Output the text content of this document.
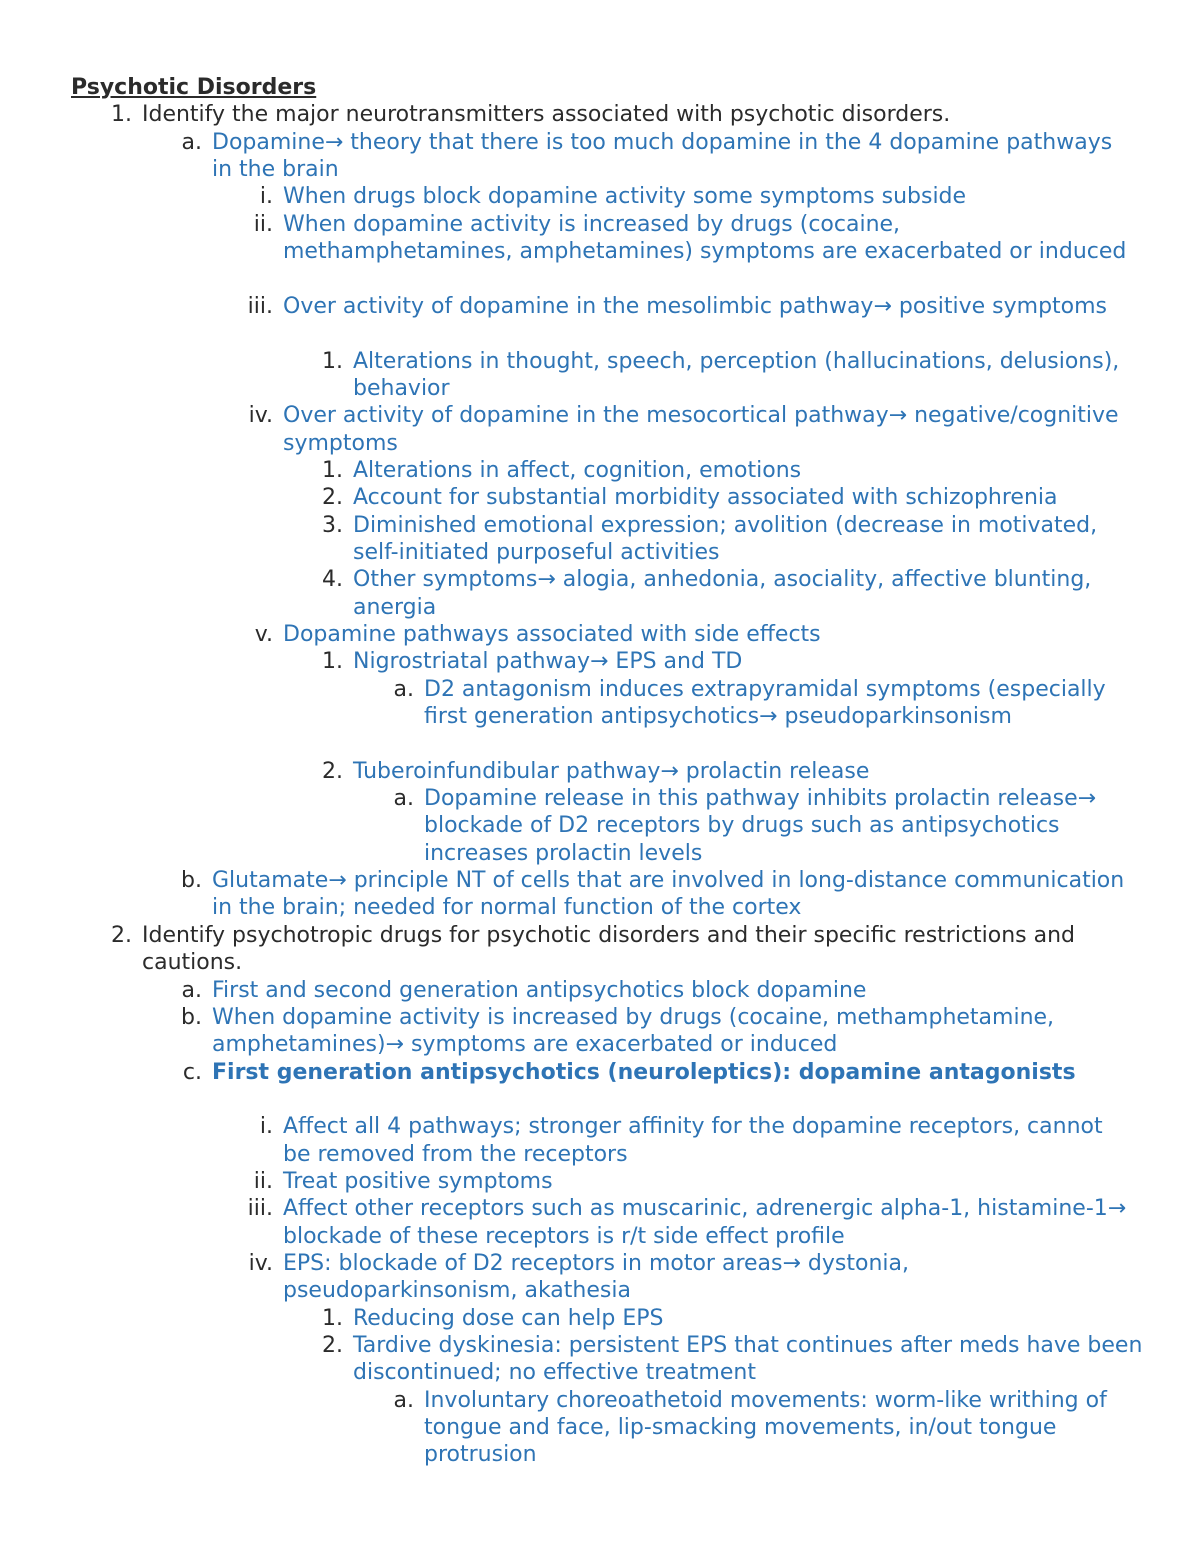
Psychotic Disorders
1. Identify the major neurotransmitters associated with psychotic disorders.
a. Dopamine→ theory that there is too much dopamine in the 4 dopamine pathways in the brain
i. When drugs block dopamine activity some symptoms subside
ii. When dopamine activity is increased by drugs (cocaine, methamphetamines, amphetamines) symptoms are exacerbated or induced
iii. Over activity of dopamine in the mesolimbic pathway→ positive symptoms
1. Alterations in thought, speech, perception (hallucinations, delusions), behavior
iv. Over activity of dopamine in the mesocortical pathway→ negative/cognitive symptoms
1. Alterations in affect, cognition, emotions
2. Account for substantial morbidity associated with schizophrenia
3. Diminished emotional expression; avolition (decrease in motivated, self-initiated purposeful activities
4. Other symptoms→ alogia, anhedonia, asociality, affective blunting, anergia
v. Dopamine pathways associated with side effects
1. Nigrostriatal pathway→ EPS and TD
a. D2 antagonism induces extrapyramidal symptoms (especially first generation antipsychotics→ pseudoparkinsonism
2. Tuberoinfundibular pathway→ prolactin release
a. Dopamine release in this pathway inhibits prolactin release→ blockade of D2 receptors by drugs such as antipsychotics increases prolactin levels
b. Glutamate→ principle NT of cells that are involved in long-distance communication in the brain; needed for normal function of the cortex
2. Identify psychotropic drugs for psychotic disorders and their specific restrictions and cautions.
a. First and second generation antipsychotics block dopamine
b. When dopamine activity is increased by drugs (cocaine, methamphetamine, amphetamines)→ symptoms are exacerbated or induced
c. First generation antipsychotics (neuroleptics): dopamine antagonists
i. Affect all 4 pathways; stronger affinity for the dopamine receptors, cannot be removed from the receptors
ii. Treat positive symptoms
iii. Affect other receptors such as muscarinic, adrenergic alpha-1, histamine-1→ blockade of these receptors is r/t side effect profile
iv. EPS: blockade of D2 receptors in motor areas→ dystonia, pseudoparkinsonism, akathesia
1. Reducing dose can help EPS
2. Tardive dyskinesia: persistent EPS that continues after meds have been discontinued; no effective treatment
a. Involuntary choreoathetoid movements: worm-like writhing of tongue and face, lip-smacking movements, in/out tongue protrusion
